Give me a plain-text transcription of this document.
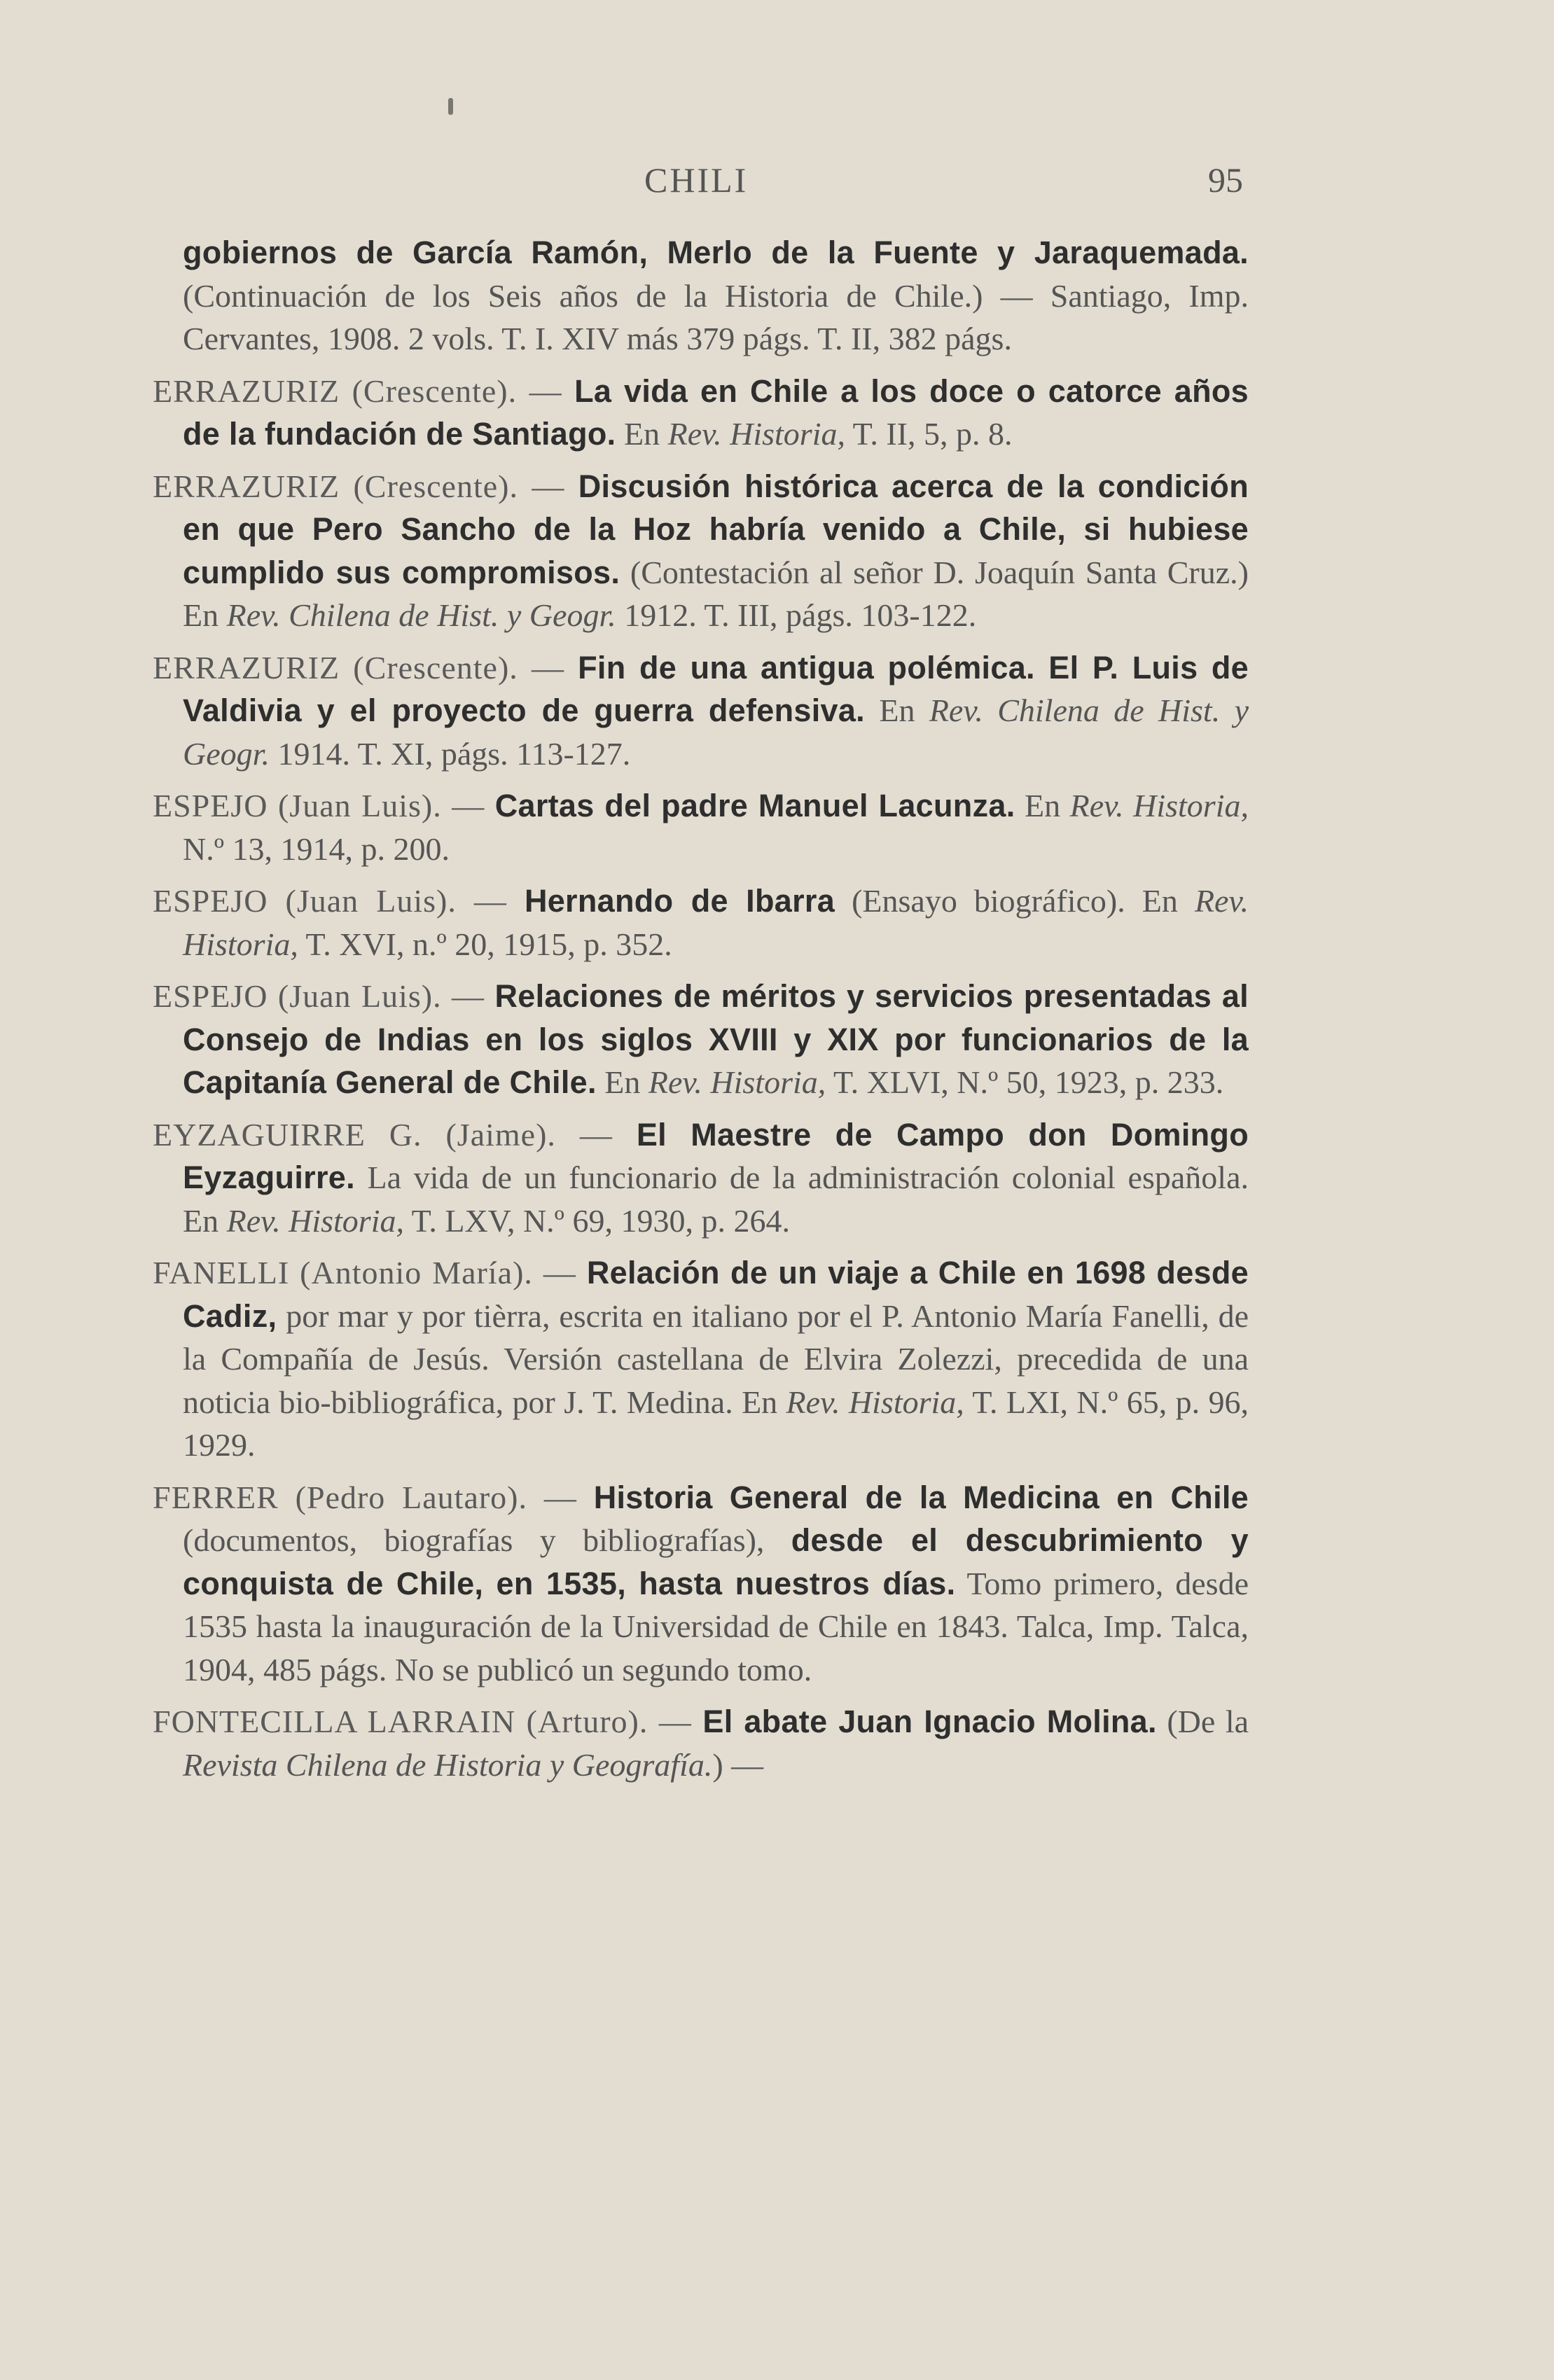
CHILI	95

gobiernos de García Ramón, Merlo de la Fuente y Jaraquemada. (Continuación de los Seis años de la Historia de Chile.) — Santiago, Imp. Cervantes, 1908. 2 vols. T. I. XIV más 379 págs. T. II, 382 págs.

ERRAZURIZ (Crescente). — La vida en Chile a los doce o catorce años de la fundación de Santiago. En Rev. Historia, T. II, 5, p. 8.

ERRAZURIZ (Crescente). — Discusión histórica acerca de la condición en que Pero Sancho de la Hoz habría venido a Chile, si hubiese cumplido sus compromisos. (Contestación al señor D. Joaquín Santa Cruz.) En Rev. Chilena de Hist. y Geogr. 1912. T. III, págs. 103-122.

ERRAZURIZ (Crescente). — Fin de una antigua polémica. El P. Luis de Valdivia y el proyecto de guerra defensiva. En Rev. Chilena de Hist. y Geogr. 1914. T. XI, págs. 113-127.

ESPEJO (Juan Luis). — Cartas del padre Manuel Lacunza. En Rev. Historia, N.º 13, 1914, p. 200.

ESPEJO (Juan Luis). — Hernando de Ibarra (Ensayo biográfico). En Rev. Historia, T. XVI, n.º 20, 1915, p. 352.

ESPEJO (Juan Luis). — Relaciones de méritos y servicios presentadas al Consejo de Indias en los siglos XVIII y XIX por funcionarios de la Capitanía General de Chile. En Rev. Historia, T. XLVI, N.º 50, 1923, p. 233.

EYZAGUIRRE G. (Jaime). — El Maestre de Campo don Domingo Eyzaguirre. La vida de un funcionario de la administración colonial española. En Rev. Historia, T. LXV, N.º 69, 1930, p. 264.

FANELLI (Antonio María). — Relación de un viaje a Chile en 1698 desde Cadiz, por mar y por tièrra, escrita en italiano por el P. Antonio María Fanelli, de la Compañía de Jesús. Versión castellana de Elvira Zolezzi, precedida de una noticia bio-bibliográfica, por J. T. Medina. En Rev. Historia, T. LXI, N.º 65, p. 96, 1929.

FERRER (Pedro Lautaro). — Historia General de la Medicina en Chile (documentos, biografías y bibliografías), desde el descubrimiento y conquista de Chile, en 1535, hasta nuestros días. Tomo primero, desde 1535 hasta la inauguración de la Universidad de Chile en 1843. Talca, Imp. Talca, 1904, 485 págs. No se publicó un segundo tomo.

FONTECILLA LARRAIN (Arturo). — El abate Juan Ignacio Molina. (De la Revista Chilena de Historia y Geografía.) —
